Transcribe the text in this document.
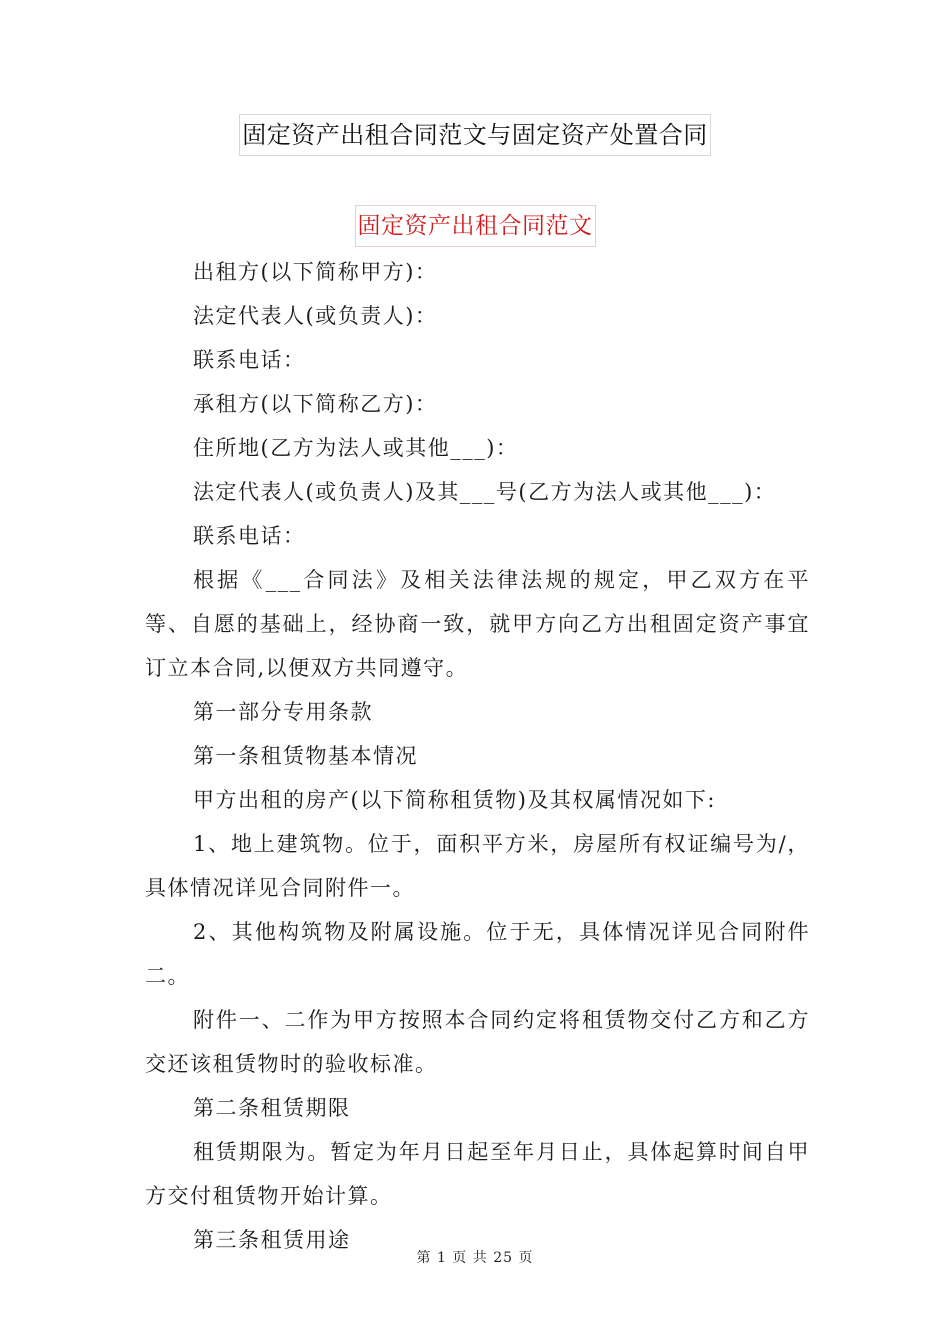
固定资产出租合同范文与固定资产处置合同
固定资产出租合同范文

出租方(以下简称甲方)：

法定代表人(或负责人)：

联系电话：

承租方(以下简称乙方)：

住所地(乙方为法人或其他___)：

法定代表人(或负责人)及其___号(乙方为法人或其他___)：

联系电话：

根据《___合同法》及相关法律法规的规定，甲乙双方在平等、自愿的基础上，经协商一致，就甲方向乙方出租固定资产事宜订立本合同,以便双方共同遵守。

第一部分专用条款

第一条租赁物基本情况

甲方出租的房产(以下简称租赁物)及其权属情况如下:

1、地上建筑物。位于，面积平方米，房屋所有权证编号为/，具体情况详见合同附件一。

2、其他构筑物及附属设施。位于无，具体情况详见合同附件二。

附件一、二作为甲方按照本合同约定将租赁物交付乙方和乙方交还该租赁物时的验收标准。

第二条租赁期限

租赁期限为。暂定为年月日起至年月日止，具体起算时间自甲方交付租赁物开始计算。

第三条租赁用途

第 1 页 共 25 页
